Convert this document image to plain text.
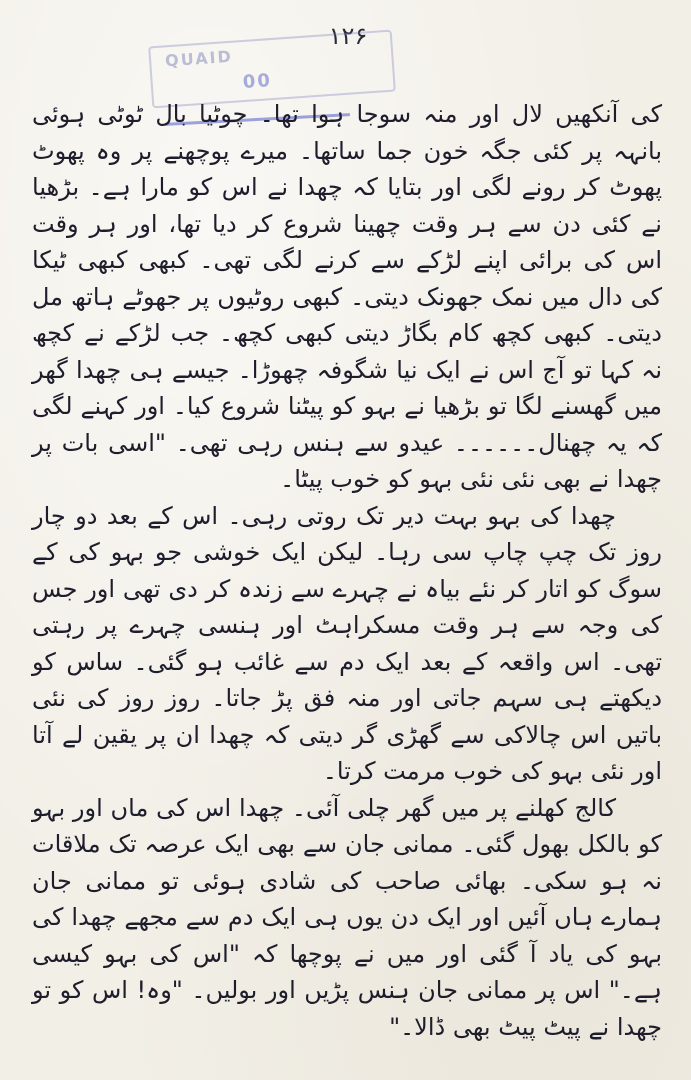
۱۲۶
QUAID
00

کی آنکھیں لال اور منہ سوجا ہوا تھا۔ چوٹیا بال ٹوٹی ہوئی بانہہ پر کئی جگہ خون جما ساتھا۔ میرے پوچھنے پر وہ پھوٹ پھوٹ کر رونے لگی اور بتایا کہ چھدا نے اس کو مارا ہے۔ بڑھیا نے کئی دن سے ہر وقت چھینا شروع کر دیا تھا، اور ہر وقت اس کی برائی اپنے لڑکے سے کرنے لگی تھی۔ کبھی کبھی ٹیکا کی دال میں نمک جھونک دیتی۔ کبھی روٹیوں پر جھوٹے ہاتھ مل دیتی۔ کبھی کچھ کام بگاڑ دیتی کبھی کچھ۔ جب لڑکے نے کچھ نہ کہا تو آج اس نے ایک نیا شگوفہ چھوڑا۔ جیسے ہی چھدا گھر میں گھسنے لگا تو بڑھیا نے بہو کو پیٹنا شروع کیا۔ اور کہنے لگی کہ یہ چھنال۔۔۔۔۔۔ عیدو سے ہنس رہی تھی۔ "اسی بات پر چھدا نے بھی نئی نئی بہو کو خوب پیٹا۔

چھدا کی بہو بہت دیر تک روتی رہی۔ اس کے بعد دو چار روز تک چپ چاپ سی رہا۔ لیکن ایک خوشی جو بہو کی کے سوگ کو اتار کر نئے بیاہ نے چہرے سے زندہ کر دی تھی اور جس کی وجہ سے ہر وقت مسکراہٹ اور ہنسی چہرے پر رہتی تھی۔ اس واقعہ کے بعد ایک دم سے غائب ہو گئی۔ ساس کو دیکھتے ہی سہم جاتی اور منہ فق پڑ جاتا۔ روز روز کی نئی باتیں اس چالاکی سے گھڑی گر دیتی کہ چھدا ان پر یقین لے آتا اور نئی بہو کی خوب مرمت کرتا۔

کالج کھلنے پر میں گھر چلی آئی۔ چھدا اس کی ماں اور بہو کو بالکل بھول گئی۔ ممانی جان سے بھی ایک عرصہ تک ملاقات نہ ہو سکی۔ بھائی صاحب کی شادی ہوئی تو ممانی جان ہمارے ہاں آئیں اور ایک دن یوں ہی ایک دم سے مجھے چھدا کی بہو کی یاد آ گئی اور میں نے پوچھا کہ "اس کی بہو کیسی ہے۔" اس پر ممانی جان ہنس پڑیں اور بولیں۔ "وہ! اس کو تو چھدا نے پیٹ پیٹ بھی ڈالا۔"
